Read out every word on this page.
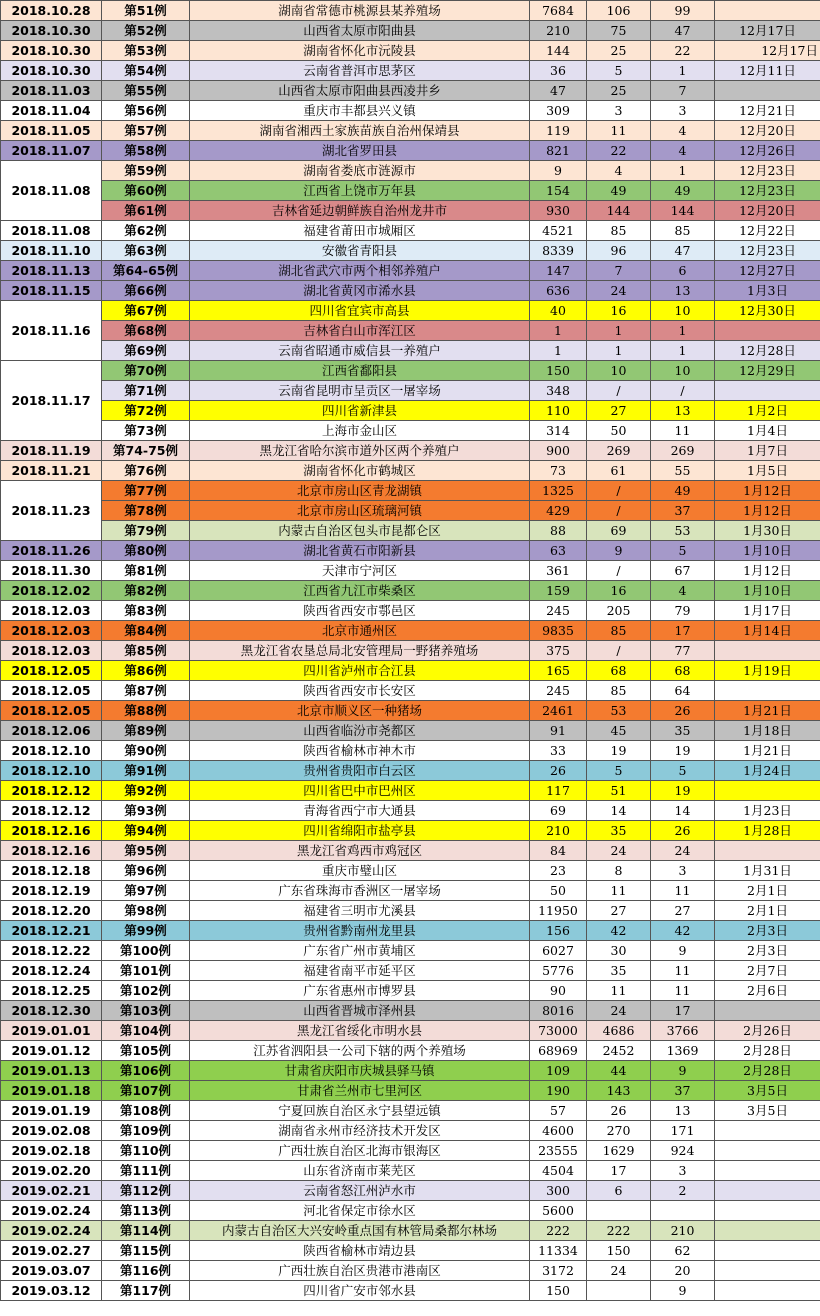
2018.10.28	第51例	湖南省常德市桃源县某养殖场	7684	106	99	
2018.10.30	第52例	山西省太原市阳曲县	210	75	47	12月17日
2018.10.30	第53例	湖南省怀化市沅陵县	144	25	22	12月17日
2018.10.30	第54例	云南省普洱市思茅区	36	5	1	12月11日
2018.11.03	第55例	山西省太原市阳曲县西凌井乡	47	25	7	
2018.11.04	第56例	重庆市丰都县兴义镇	309	3	3	12月21日
2018.11.05	第57例	湖南省湘西土家族苗族自治州保靖县	119	11	4	12月20日
2018.11.07	第58例	湖北省罗田县	821	22	4	12月26日
2018.11.08	第59例	湖南省娄底市涟源市	9	4	1	12月23日
	第60例	江西省上饶市万年县	154	49	49	12月23日
	第61例	吉林省延边朝鲜族自治州龙井市	930	144	144	12月20日
2018.11.08	第62例	福建省莆田市城厢区	4521	85	85	12月22日
2018.11.10	第63例	安徽省青阳县	8339	96	47	12月23日
2018.11.13	第64-65例	湖北省武穴市两个相邻养殖户	147	7	6	12月27日
2018.11.15	第66例	湖北省黄冈市浠水县	636	24	13	1月3日
2018.11.16	第67例	四川省宜宾市高县	40	16	10	12月30日
	第68例	吉林省白山市浑江区	1	1	1	
	第69例	云南省昭通市威信县一养殖户	1	1	1	12月28日
2018.11.17	第70例	江西省鄱阳县	150	10	10	12月29日
	第71例	云南省昆明市呈贡区一屠宰场	348	/	/	
	第72例	四川省新津县	110	27	13	1月2日
	第73例	上海市金山区	314	50	11	1月4日
2018.11.19	第74-75例	黑龙江省哈尔滨市道外区两个养殖户	900	269	269	1月7日
2018.11.21	第76例	湖南省怀化市鹤城区	73	61	55	1月5日
2018.11.23	第77例	北京市房山区青龙湖镇	1325	/	49	1月12日
	第78例	北京市房山区琉璃河镇	429	/	37	1月12日
	第79例	内蒙古自治区包头市昆都仑区	88	69	53	1月30日
2018.11.26	第80例	湖北省黄石市阳新县	63	9	5	1月10日
2018.11.30	第81例	天津市宁河区	361	/	67	1月12日
2018.12.02	第82例	江西省九江市柴桑区	159	16	4	1月10日
2018.12.03	第83例	陕西省西安市鄠邑区	245	205	79	1月17日
2018.12.03	第84例	北京市通州区	9835	85	17	1月14日
2018.12.03	第85例	黑龙江省农垦总局北安管理局一野猪养殖场	375	/	77	
2018.12.05	第86例	四川省泸州市合江县	165	68	68	1月19日
2018.12.05	第87例	陕西省西安市长安区	245	85	64	
2018.12.05	第88例	北京市顺义区一种猪场	2461	53	26	1月21日
2018.12.06	第89例	山西省临汾市尧都区	91	45	35	1月18日
2018.12.10	第90例	陕西省榆林市神木市	33	19	19	1月21日
2018.12.10	第91例	贵州省贵阳市白云区	26	5	5	1月24日
2018.12.12	第92例	四川省巴中市巴州区	117	51	19	
2018.12.12	第93例	青海省西宁市大通县	69	14	14	1月23日
2018.12.16	第94例	四川省绵阳市盐亭县	210	35	26	1月28日
2018.12.16	第95例	黑龙江省鸡西市鸡冠区	84	24	24	
2018.12.18	第96例	重庆市璧山区	23	8	3	1月31日
2018.12.19	第97例	广东省珠海市香洲区一屠宰场	50	11	11	2月1日
2018.12.20	第98例	福建省三明市尤溪县	11950	27	27	2月1日
2018.12.21	第99例	贵州省黔南州龙里县	156	42	42	2月3日
2018.12.22	第100例	广东省广州市黄埔区	6027	30	9	2月3日
2018.12.24	第101例	福建省南平市延平区	5776	35	11	2月7日
2018.12.25	第102例	广东省惠州市博罗县	90	11	11	2月6日
2018.12.30	第103例	山西省晋城市泽州县	8016	24	17	
2019.01.01	第104例	黑龙江省绥化市明水县	73000	4686	3766	2月26日
2019.01.12	第105例	江苏省泗阳县一公司下辖的两个养殖场	68969	2452	1369	2月28日
2019.01.13	第106例	甘肃省庆阳市庆城县驿马镇	109	44	9	2月28日
2019.01.18	第107例	甘肃省兰州市七里河区	190	143	37	3月5日
2019.01.19	第108例	宁夏回族自治区永宁县望远镇	57	26	13	3月5日
2019.02.08	第109例	湖南省永州市经济技术开发区	4600	270	171	
2019.02.18	第110例	广西壮族自治区北海市银海区	23555	1629	924	
2019.02.20	第111例	山东省济南市莱芜区	4504	17	3	
2019.02.21	第112例	云南省怒江州泸水市	300	6	2	
2019.02.24	第113例	河北省保定市徐水区	5600			
2019.02.24	第114例	内蒙古自治区大兴安岭重点国有林管局桑都尔林场	222	222	210	
2019.02.27	第115例	陕西省榆林市靖边县	11334	150	62	
2019.03.07	第116例	广西壮族自治区贵港市港南区	3172	24	20	
2019.03.12	第117例	四川省广安市邻水县	150		9	
